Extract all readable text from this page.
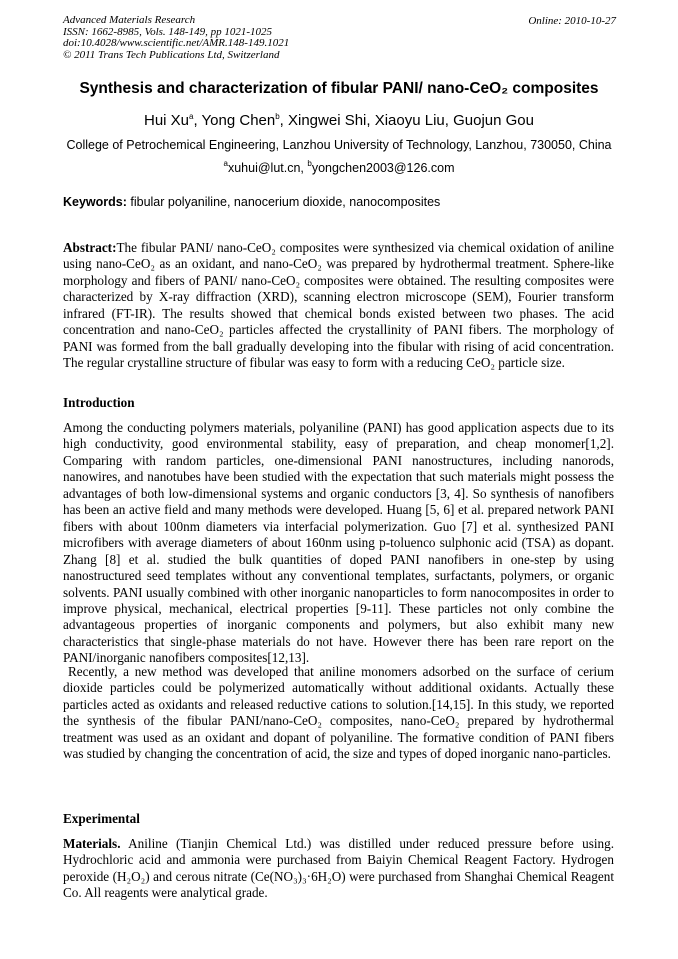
Advanced Materials Research
ISSN: 1662-8985, Vols. 148-149, pp 1021-1025
doi:10.4028/www.scientific.net/AMR.148-149.1021
© 2011 Trans Tech Publications Ltd, Switzerland
Online: 2010-10-27
Synthesis and characterization of fibular PANI/ nano-CeO₂ composites
Hui Xu$^a$, Yong Chen$^b$, Xingwei Shi, Xiaoyu Liu, Guojun Gou
College of Petrochemical Engineering, Lanzhou University of Technology, Lanzhou, 730050, China
$^a$xuhui@lut.cn, $^b$yongchen2003@126.com
Keywords: fibular polyaniline, nanocerium dioxide, nanocomposites
Abstract:The fibular PANI/ nano-CeO₂ composites were synthesized via chemical oxidation of aniline using nano-CeO₂ as an oxidant, and nano-CeO₂ was prepared by hydrothermal treatment. Sphere-like morphology and fibers of PANI/ nano-CeO₂ composites were obtained. The resulting composites were characterized by X-ray diffraction (XRD), scanning electron microscope (SEM), Fourier transform infrared (FT-IR). The results showed that chemical bonds existed between two phases. The acid concentration and nano-CeO₂ particles affected the crystallinity of PANI fibers. The morphology of PANI was formed from the ball gradually developing into the fibular with rising of acid concentration. The regular crystalline structure of fibular was easy to form with a reducing CeO₂ particle size.
Introduction
Among the conducting polymers materials, polyaniline (PANI) has good application aspects due to its high conductivity, good environmental stability, easy of preparation, and cheap monomer[1,2]. Comparing with random particles, one-dimensional PANI nanostructures, including nanorods, nanowires, and nanotubes have been studied with the expectation that such materials might possess the advantages of both low-dimensional systems and organic conductors [3, 4]. So synthesis of nanofibers has been an active field and many methods were developed. Huang [5, 6] et al. prepared network PANI fibers with about 100nm diameters via interfacial polymerization. Guo [7] et al. synthesized PANI microfibers with average diameters of about 160nm using p-toluenco sulphonic acid (TSA) as dopant. Zhang [8] et al. studied the bulk quantities of doped PANI nanofibers in one-step by using nanostructured seed templates without any conventional templates, surfactants, polymers, or organic solvents. PANI usually combined with other inorganic nanoparticles to form nanocomposites in order to improve physical, mechanical, electrical properties [9-11]. These particles not only combine the advantageous properties of inorganic components and polymers, but also exhibit many new characteristics that single-phase materials do not have. However there has been rare report on the PANI/inorganic nanofibers composites[12,13].
Recently, a new method was developed that aniline monomers adsorbed on the surface of cerium dioxide particles could be polymerized automatically without additional oxidants. Actually these particles acted as oxidants and released reductive cations to solution.[14,15]. In this study, we reported the synthesis of the fibular PANI/nano-CeO₂ composites, nano-CeO₂ prepared by hydrothermal treatment was used as an oxidant and dopant of polyaniline. The formative condition of PANI fibers was studied by changing the concentration of acid, the size and types of doped inorganic nano-particles.
Experimental
Materials. Aniline (Tianjin Chemical Ltd.) was distilled under reduced pressure before using. Hydrochloric acid and ammonia were purchased from Baiyin Chemical Reagent Factory. Hydrogen peroxide (H₂O₂) and cerous nitrate (Ce(NO₃)₃·6H₂O) were purchased from Shanghai Chemical Reagent Co. All reagents were analytical grade.
